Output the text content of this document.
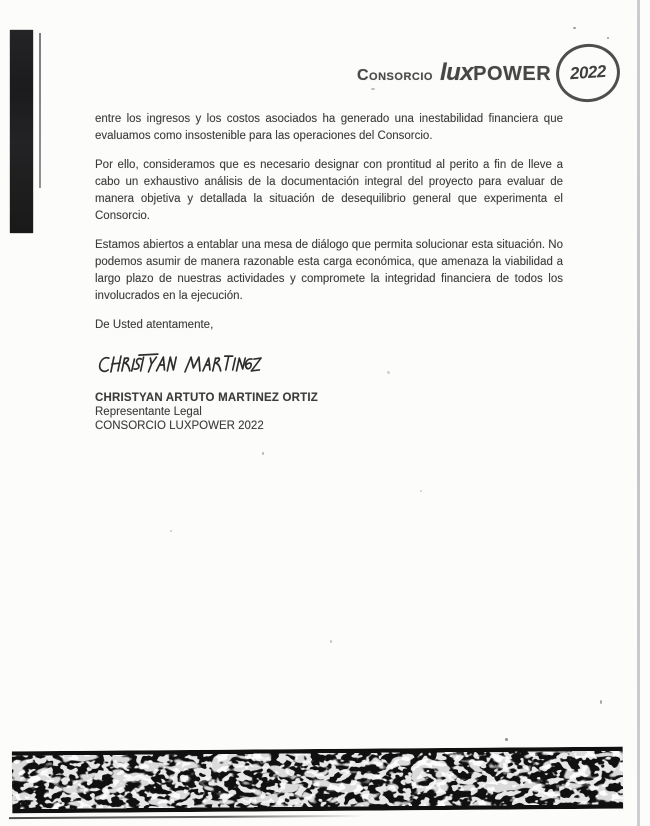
Consorcio luxPOWER 2022

entre los ingresos y los costos asociados ha generado una inestabilidad financiera que evaluamos como insostenible para las operaciones del Consorcio.

Por ello, consideramos que es necesario designar con prontitud al perito a fin de lleve a cabo un exhaustivo análisis de la documentación integral del proyecto para evaluar de manera objetiva y detallada la situación de desequilibrio general que experimenta el Consorcio.

Estamos abiertos a entablar una mesa de diálogo que permita solucionar esta situación. No podemos asumir de manera razonable esta carga económica, que amenaza la viabilidad a largo plazo de nuestras actividades y compromete la integridad financiera de todos los involucrados en la ejecución.

De Usted atentamente,

CHRISTYAN ARTUTO MARTINEZ ORTIZ
Representante Legal
CONSORCIO LUXPOWER 2022
